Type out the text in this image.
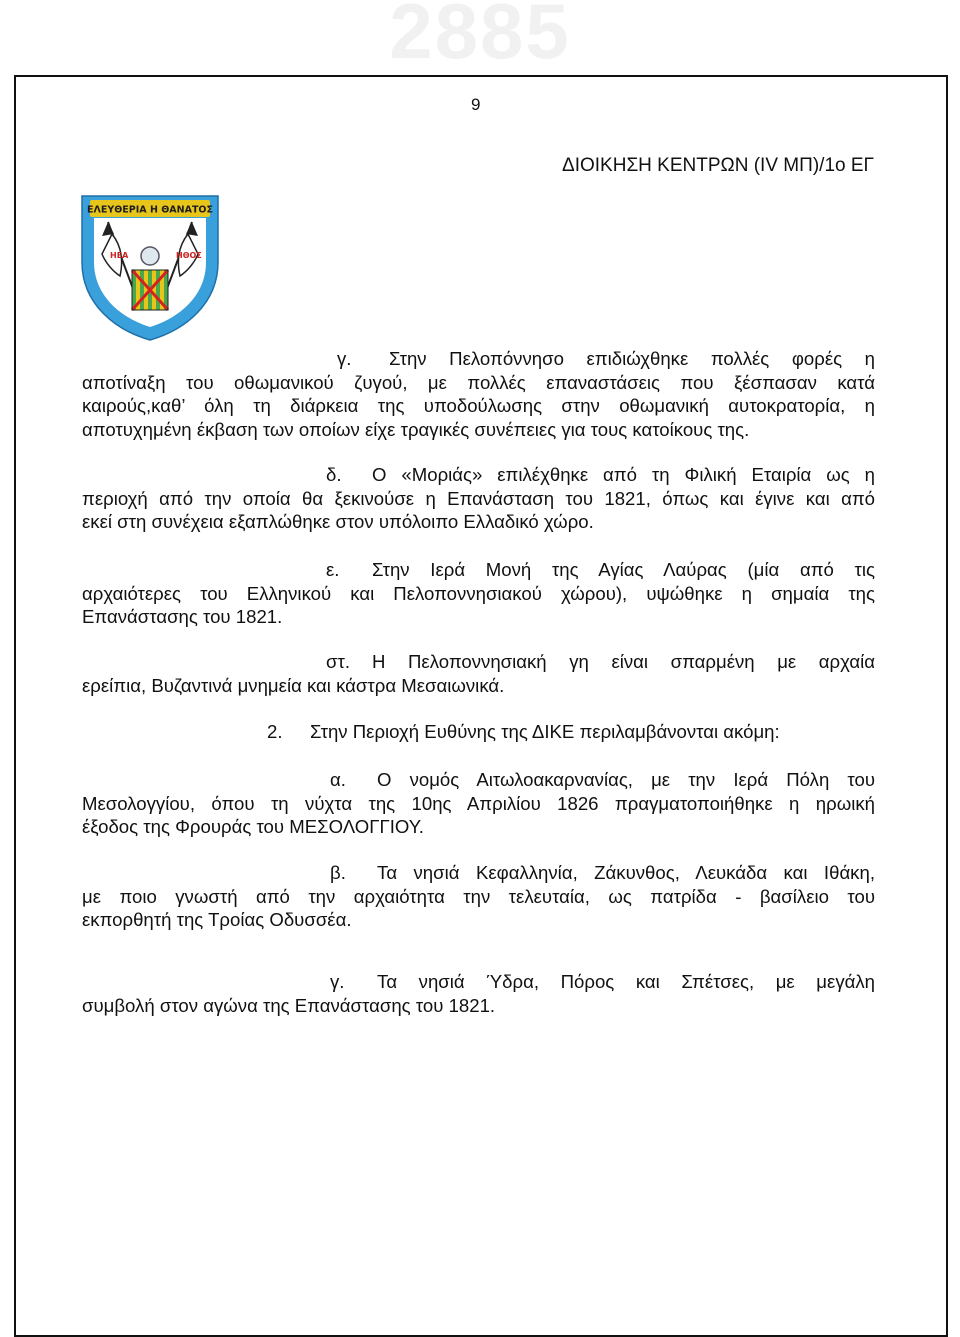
2885
9
ΔΙΟΙΚΗΣΗ ΚΕΝΤΡΩΝ (IV ΜΠ)/1ο ΕΓ
ΕΛΕΥΘΕΡΙΑ Η ΘΑΝΑΤΟΣ
ΗΕΑ	ΗΘΟΣ
γ. Στην Πελοπόννησο επιδιώχθηκε πολλές φορές η
αποτίναξη του οθωμανικού ζυγού, με πολλές επαναστάσεις που ξέσπασαν κατά
καιρούς,καθ’ όλη τη διάρκεια της υποδούλωσης στην οθωμανική αυτοκρατορία, η
αποτυχημένη έκβαση των οποίων είχε τραγικές συνέπειες για τους κατοίκους της.
δ. Ο «Μοριάς» επιλέχθηκε από τη Φιλική Εταιρία ως η
περιοχή από την οποία θα ξεκινούσε η Επανάσταση του 1821, όπως και έγινε και από
εκεί στη συνέχεια εξαπλώθηκε στον υπόλοιπο Ελλαδικό χώρο.
ε. Στην Ιερά Μονή της Αγίας Λαύρας (μία από τις
αρχαιότερες του Ελληνικού και Πελοποννησιακού χώρου), υψώθηκε η σημαία της
Επανάστασης του 1821.
στ. Η Πελοποννησιακή γη είναι σπαρμένη με αρχαία
ερείπια, Βυζαντινά μνημεία και κάστρα Μεσαιωνικά.
2. Στην Περιοχή Ευθύνης της ΔΙΚΕ περιλαμβάνονται ακόμη:
α. Ο νομός Αιτωλοακαρνανίας, με την Ιερά Πόλη του
Μεσολογγίου, όπου τη νύχτα της 10ης Απριλίου 1826 πραγματοποιήθηκε η ηρωική
έξοδος της Φρουράς του ΜΕΣΟΛΟΓΓΙΟΥ.
β. Τα νησιά Κεφαλληνία, Ζάκυνθος, Λευκάδα και Ιθάκη,
με ποιο γνωστή από την αρχαιότητα την τελευταία, ως πατρίδα - βασίλειο του
εκπορθητή της Τροίας Οδυσσέα.
γ. Τα νησιά Ύδρα, Πόρος και Σπέτσες, με μεγάλη
συμβολή στον αγώνα της Επανάστασης του 1821.
